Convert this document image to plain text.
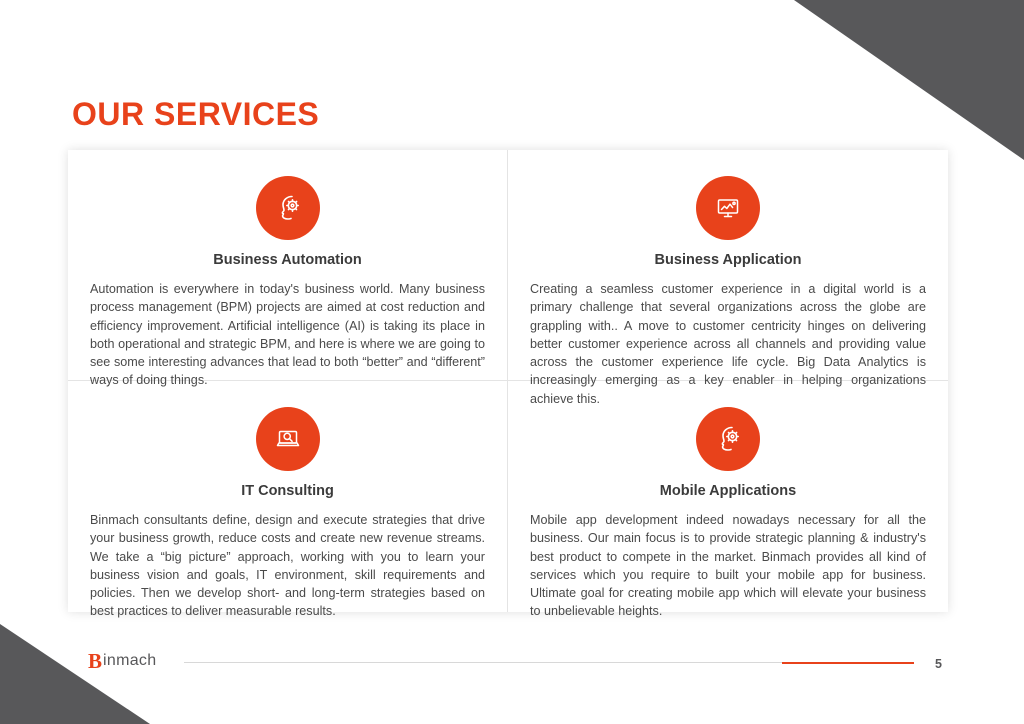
OUR SERVICES
Business Automation
Automation is everywhere in today's business world. Many business process management (BPM) projects are aimed at cost reduction and efficiency improvement. Artificial intelligence (AI) is taking its place in both operational and strategic BPM, and here is where we are going to see some interesting advances that lead to both “better” and “different” ways of doing things.
Business Application
Creating a seamless customer experience in a digital world is a primary challenge that several organizations across the globe are grappling with.. A move to customer centricity hinges on delivering better customer experience across all channels and providing value across the customer experience life cycle. Big Data Analytics is increasingly emerging as a key enabler in helping organizations achieve this.
IT Consulting
Binmach consultants define, design and execute strategies that drive your business growth, reduce costs and create new revenue streams. We take a “big picture” approach, working with you to learn your business vision and goals, IT environment, skill requirements and policies. Then we develop short- and long-term strategies based on best practices to deliver measurable results.
Mobile Applications
Mobile app development indeed nowadays necessary for all the business. Our main focus is to provide strategic planning & industry's best product to compete in the market. Binmach provides all kind of services which you require to built your mobile app for business. Ultimate goal for creating mobile app which will elevate your business to unbelievable heights.
B inmach	5
